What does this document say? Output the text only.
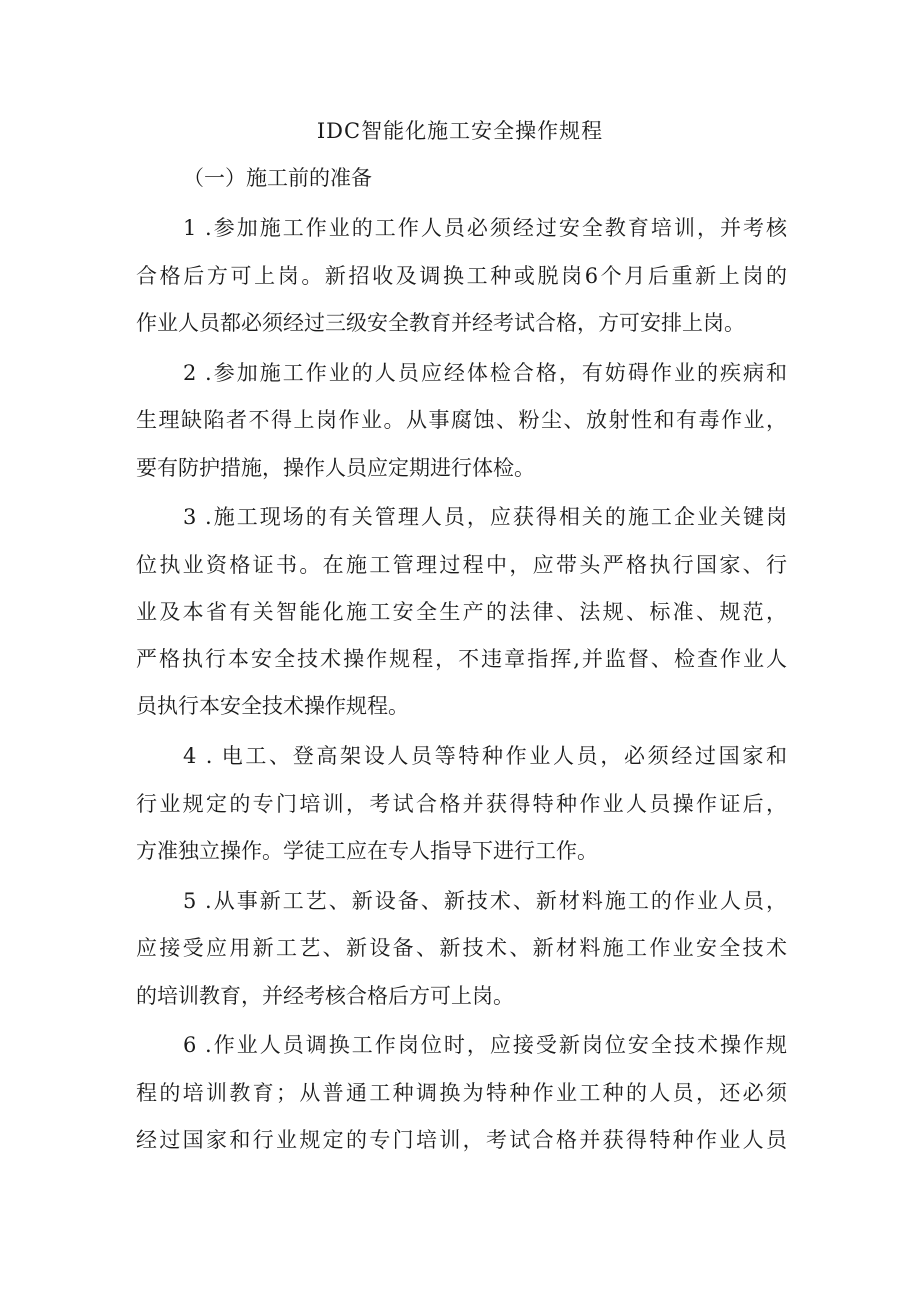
IDC智能化施工安全操作规程
（一）施工前的准备
1 .参加施工作业的工作人员必须经过安全教育培训，并考核
合格后方可上岗。新招收及调换工种或脱岗6个月后重新上岗的
作业人员都必须经过三级安全教育并经考试合格，方可安排上岗。
2 .参加施工作业的人员应经体检合格，有妨碍作业的疾病和
生理缺陷者不得上岗作业。从事腐蚀、粉尘、放射性和有毒作业，
要有防护措施，操作人员应定期进行体检。
3 .施工现场的有关管理人员，应获得相关的施工企业关键岗
位执业资格证书。在施工管理过程中，应带头严格执行国家、行
业及本省有关智能化施工安全生产的法律、法规、标准、规范，
严格执行本安全技术操作规程，不违章指挥,并监督、检查作业人
员执行本安全技术操作规程。
4 . 电工、登高架设人员等特种作业人员，必须经过国家和
行业规定的专门培训，考试合格并获得特种作业人员操作证后，
方准独立操作。学徒工应在专人指导下进行工作。
5 .从事新工艺、新设备、新技术、新材料施工的作业人员，
应接受应用新工艺、新设备、新技术、新材料施工作业安全技术
的培训教育，并经考核合格后方可上岗。
6 .作业人员调换工作岗位时，应接受新岗位安全技术操作规
程的培训教育；从普通工种调换为特种作业工种的人员，还必须
经过国家和行业规定的专门培训，考试合格并获得特种作业人员
